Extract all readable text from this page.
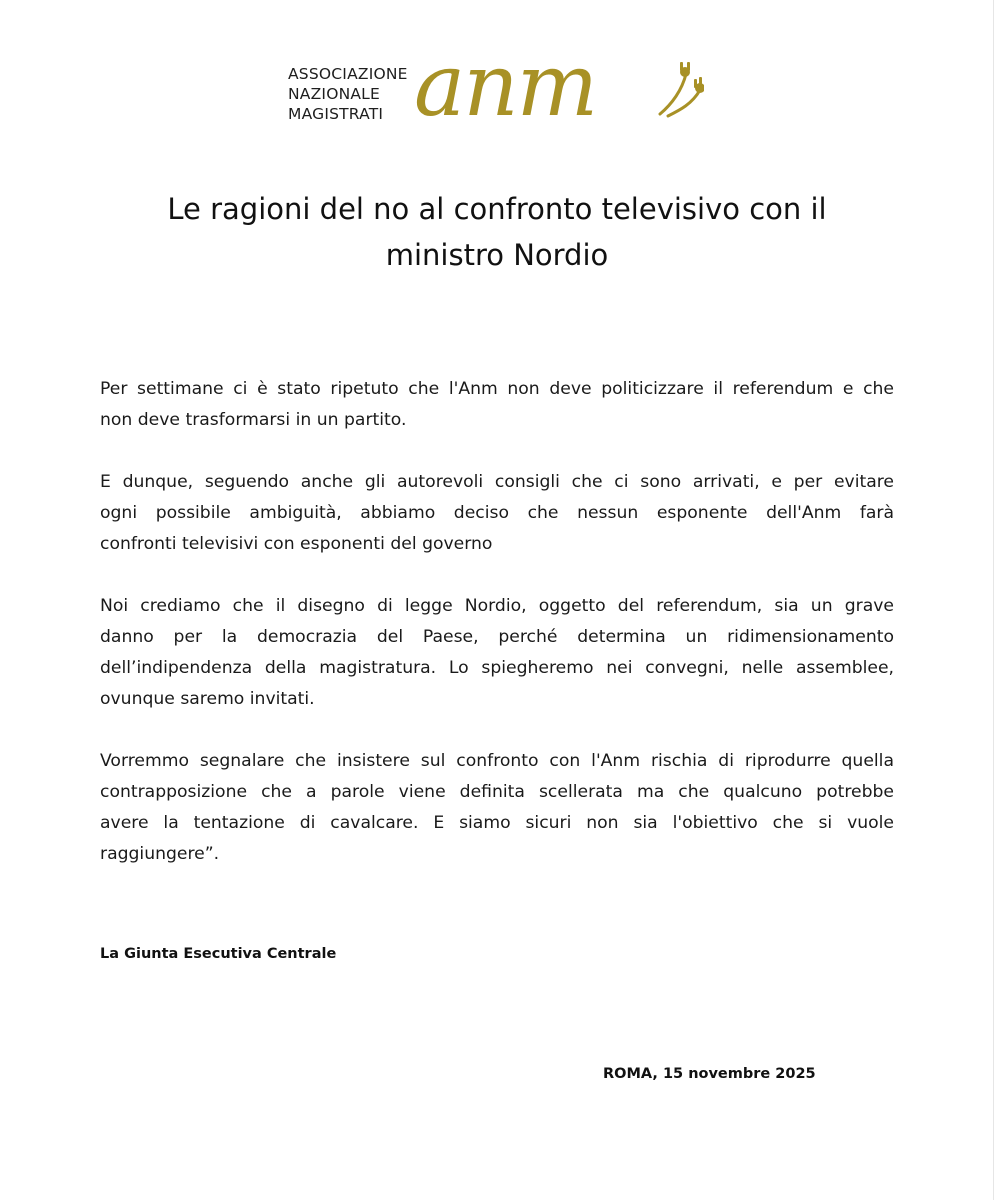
ASSOCIAZIONE
NAZIONALE
MAGISTRATI anm
Le ragioni del no al confronto televisivo con il
ministro Nordio
Per settimane ci è stato ripetuto che l'Anm non deve politicizzare il referendum e che
non deve trasformarsi in un partito.
E dunque, seguendo anche gli autorevoli consigli che ci sono arrivati, e per evitare
ogni possibile ambiguità, abbiamo deciso che nessun esponente dell'Anm farà
confronti televisivi con esponenti del governo
Noi crediamo che il disegno di legge Nordio, oggetto del referendum, sia un grave
danno per la democrazia del Paese, perché determina un ridimensionamento
dell’indipendenza della magistratura. Lo spiegheremo nei convegni, nelle assemblee,
ovunque saremo invitati.
Vorremmo segnalare che insistere sul confronto con l'Anm rischia di riprodurre quella
contrapposizione che a parole viene definita scellerata ma che qualcuno potrebbe
avere la tentazione di cavalcare. E siamo sicuri non sia l'obiettivo che si vuole
raggiungere”.
La Giunta Esecutiva Centrale
ROMA, 15 novembre 2025
